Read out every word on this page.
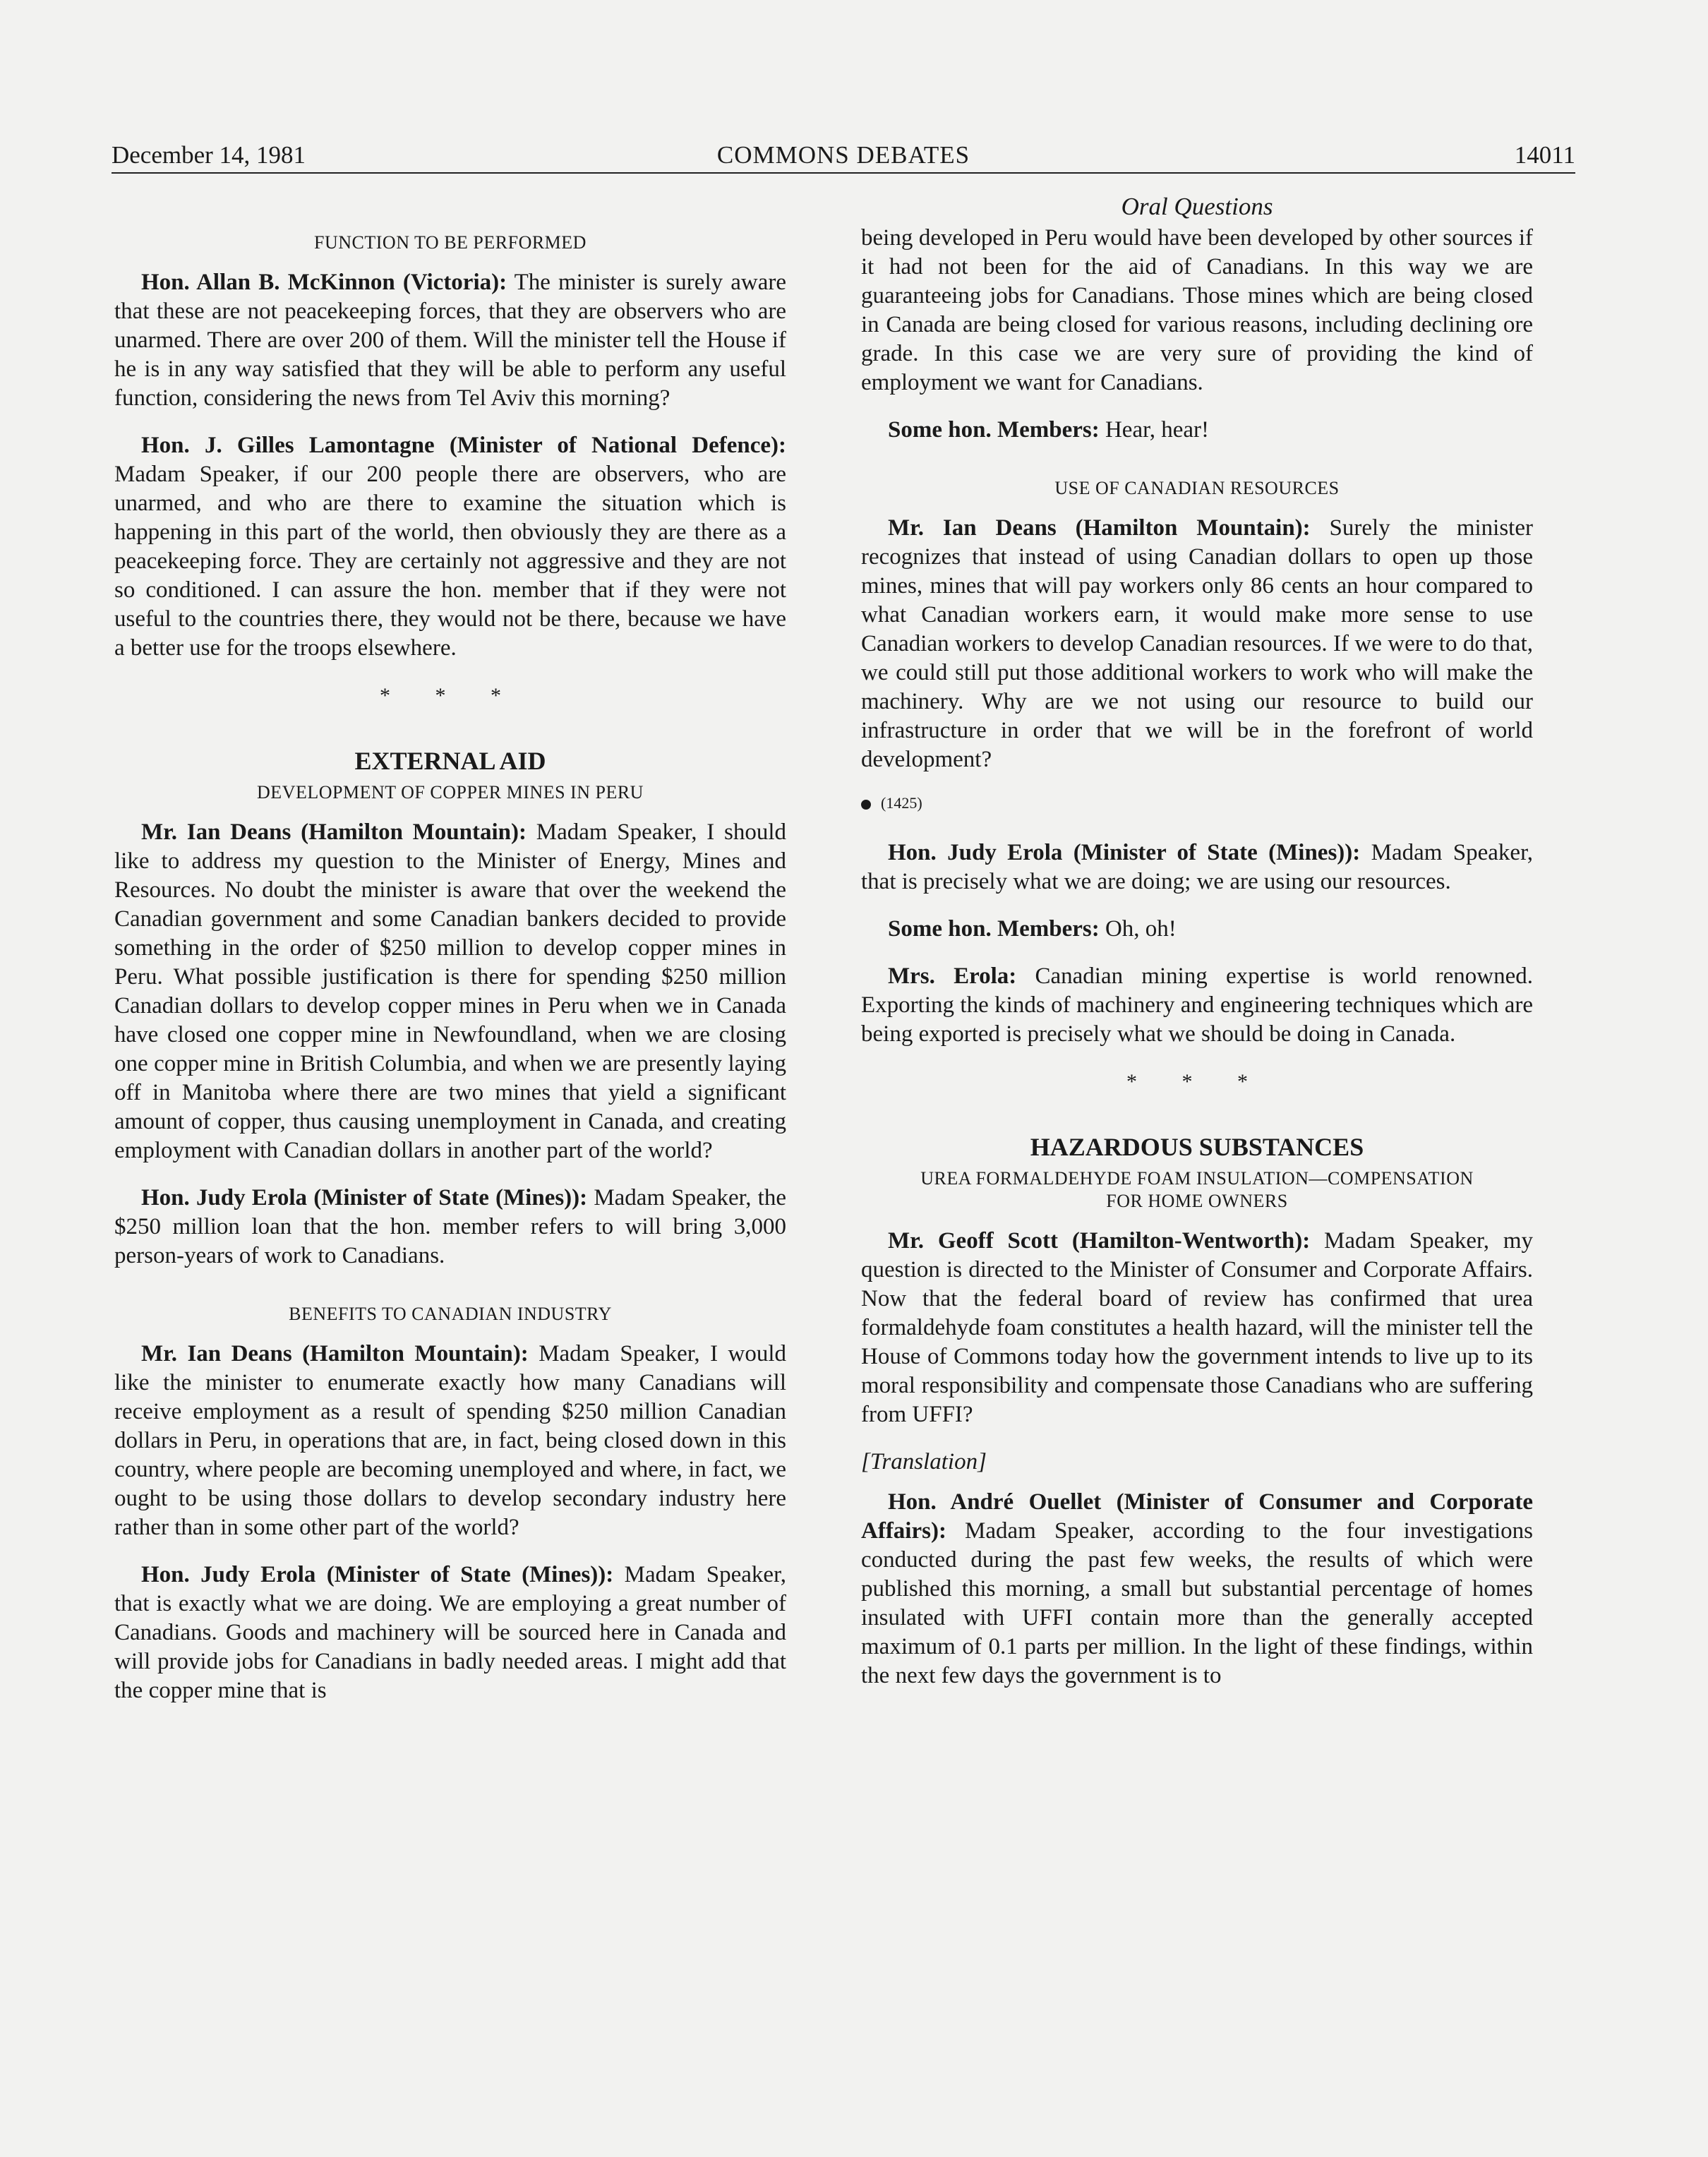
December 14, 1981	COMMONS DEBATES	14011
FUNCTION TO BE PERFORMED

Hon. Allan B. McKinnon (Victoria): The minister is surely aware that these are not peacekeeping forces, that they are observers who are unarmed. There are over 200 of them. Will the minister tell the House if he is in any way satisfied that they will be able to perform any useful function, considering the news from Tel Aviv this morning?

Hon. J. Gilles Lamontagne (Minister of National Defence): Madam Speaker, if our 200 people there are observers, who are unarmed, and who are there to examine the situation which is happening in this part of the world, then obviously they are there as a peacekeeping force. They are certainly not aggressive and they are not so conditioned. I can assure the hon. member that if they were not useful to the countries there, they would not be there, because we have a better use for the troops elsewhere.

* * *
EXTERNAL AID
DEVELOPMENT OF COPPER MINES IN PERU

Mr. Ian Deans (Hamilton Mountain): Madam Speaker, I should like to address my question to the Minister of Energy, Mines and Resources. No doubt the minister is aware that over the weekend the Canadian government and some Canadian bankers decided to provide something in the order of $250 million to develop copper mines in Peru. What possible justification is there for spending $250 million Canadian dollars to develop copper mines in Peru when we in Canada have closed one copper mine in Newfoundland, when we are closing one copper mine in British Columbia, and when we are presently laying off in Manitoba where there are two mines that yield a significant amount of copper, thus causing unemployment in Canada, and creating employment with Canadian dollars in another part of the world?

Hon. Judy Erola (Minister of State (Mines)): Madam Speaker, the $250 million loan that the hon. member refers to will bring 3,000 person-years of work to Canadians.

BENEFITS TO CANADIAN INDUSTRY

Mr. Ian Deans (Hamilton Mountain): Madam Speaker, I would like the minister to enumerate exactly how many Canadians will receive employment as a result of spending $250 million Canadian dollars in Peru, in operations that are, in fact, being closed down in this country, where people are becoming unemployed and where, in fact, we ought to be using those dollars to develop secondary industry here rather than in some other part of the world?

Hon. Judy Erola (Minister of State (Mines)): Madam Speaker, that is exactly what we are doing. We are employing a great number of Canadians. Goods and machinery will be sourced here in Canada and will provide jobs for Canadians in badly needed areas. I might add that the copper mine that is

Oral Questions

being developed in Peru would have been developed by other sources if it had not been for the aid of Canadians. In this way we are guaranteeing jobs for Canadians. Those mines which are being closed in Canada are being closed for various reasons, including declining ore grade. In this case we are very sure of providing the kind of employment we want for Canadians.

Some hon. Members: Hear, hear!

USE OF CANADIAN RESOURCES

Mr. Ian Deans (Hamilton Mountain): Surely the minister recognizes that instead of using Canadian dollars to open up those mines, mines that will pay workers only 86 cents an hour compared to what Canadian workers earn, it would make more sense to use Canadian workers to develop Canadian resources. If we were to do that, we could still put those additional workers to work who will make the machinery. Why are we not using our resource to build our infrastructure in order that we will be in the forefront of world development?

(1425)

Hon. Judy Erola (Minister of State (Mines)): Madam Speaker, that is precisely what we are doing; we are using our resources.

Some hon. Members: Oh, oh!

Mrs. Erola: Canadian mining expertise is world renowned. Exporting the kinds of machinery and engineering techniques which are being exported is precisely what we should be doing in Canada.

* * *
HAZARDOUS SUBSTANCES
UREA FORMALDEHYDE FOAM INSULATION—COMPENSATION
FOR HOME OWNERS

Mr. Geoff Scott (Hamilton-Wentworth): Madam Speaker, my question is directed to the Minister of Consumer and Corporate Affairs. Now that the federal board of review has confirmed that urea formaldehyde foam constitutes a health hazard, will the minister tell the House of Commons today how the government intends to live up to its moral responsibility and compensate those Canadians who are suffering from UFFI?

[Translation]

Hon. André Ouellet (Minister of Consumer and Corporate Affairs): Madam Speaker, according to the four investigations conducted during the past few weeks, the results of which were published this morning, a small but substantial percentage of homes insulated with UFFI contain more than the generally accepted maximum of 0.1 parts per million. In the light of these findings, within the next few days the government is to
